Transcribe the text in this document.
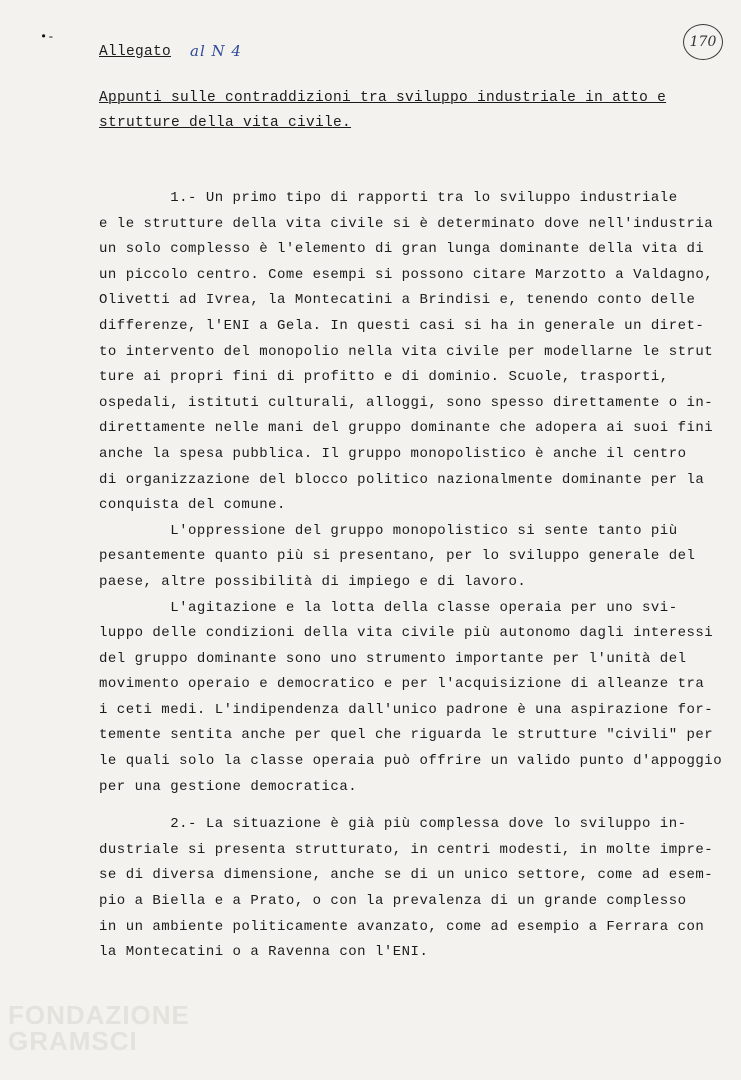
•-
Allegato al N 4	170
Appunti sulle contraddizioni tra sviluppo industriale in atto e
strutture della vita civile.
1.- Un primo tipo di rapporti tra lo sviluppo industriale
e le strutture della vita civile si è determinato dove nell'industria
un solo complesso è l'elemento di gran lunga dominante della vita di
un piccolo centro. Come esempi si possono citare Marzotto a Valdagno,
Olivetti ad Ivrea, la Montecatini a Brindisi e, tenendo conto delle
differenze, l'ENI a Gela. In questi casi si ha in generale un diret-
to intervento del monopolio nella vita civile per modellarne le strut
ture ai propri fini di profitto e di dominio. Scuole, trasporti,
ospedali, istituti culturali, alloggi, sono spesso direttamente o in-
direttamente nelle mani del gruppo dominante che adopera ai suoi fini
anche la spesa pubblica. Il gruppo monopolistico è anche il centro
di organizzazione del blocco politico nazionalmente dominante per la
conquista del comune.
L'oppressione del gruppo monopolistico si sente tanto più
pesantemente quanto più si presentano, per lo sviluppo generale del
paese, altre possibilità di impiego e di lavoro.
L'agitazione e la lotta della classe operaia per uno svi-
luppo delle condizioni della vita civile più autonomo dagli interessi
del gruppo dominante sono uno strumento importante per l'unità del
movimento operaio e democratico e per l'acquisizione di alleanze tra
i ceti medi. L'indipendenza dall'unico padrone è una aspirazione for-
temente sentita anche per quel che riguarda le strutture "civili" per
le quali solo la classe operaia può offrire un valido punto d'appoggio
per una gestione democratica.
2.- La situazione è già più complessa dove lo sviluppo in-
dustriale si presenta strutturato, in centri modesti, in molte impre-
se di diversa dimensione, anche se di un unico settore, come ad esem-
pio a Biella e a Prato, o con la prevalenza di un grande complesso
in un ambiente politicamente avanzato, come ad esempio a Ferrara con
la Montecatini o a Ravenna con l'ENI.
FONDAZIONE
GRAMSCI
